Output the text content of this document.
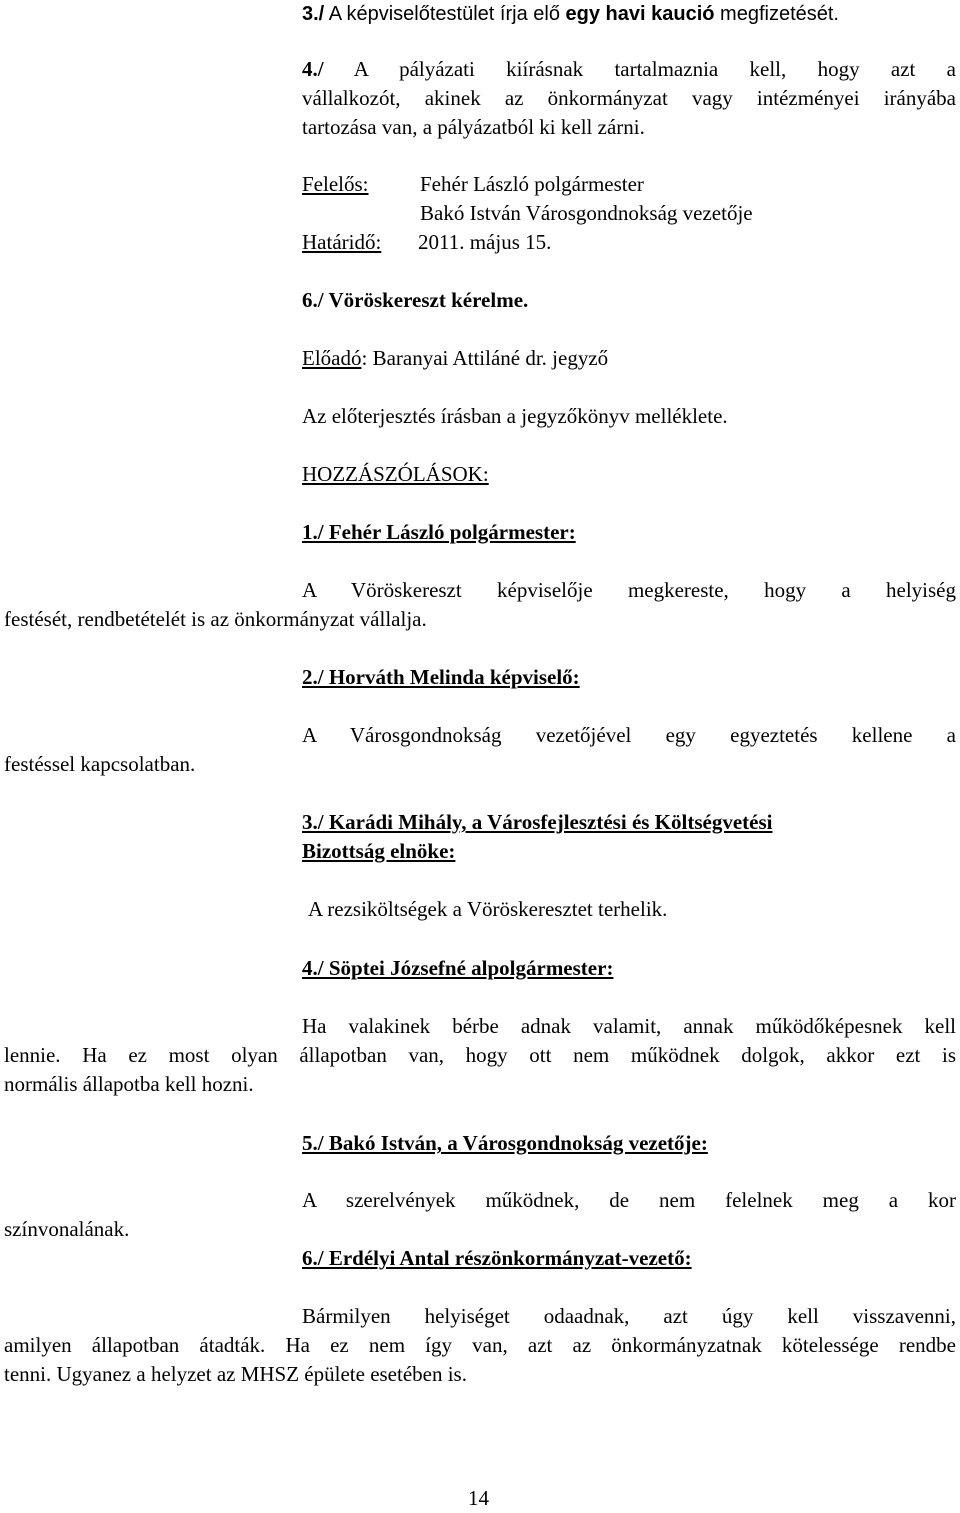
3./ A képviselőtestület írja elő egy havi kaució megfizetését.
4./ A pályázati kiírásnak tartalmaznia kell, hogy azt a
vállalkozót, akinek az önkormányzat vagy intézményei irányába
tartozása van, a pályázatból ki kell zárni.
Felelős: Fehér László polgármester
Bakó István Városgondnokság vezetője
Határidő: 2011. május 15.
6./ Vöröskereszt kérelme.
Előadó: Baranyai Attiláné dr. jegyző
Az előterjesztés írásban a jegyzőkönyv melléklete.
HOZZÁSZÓLÁSOK:
1./ Fehér László polgármester:
A Vöröskereszt képviselője megkereste, hogy a helyiség
festését, rendbetételét is az önkormányzat vállalja.
2./ Horváth Melinda képviselő:
A Városgondnokság vezetőjével egy egyeztetés kellene a
festéssel kapcsolatban.
3./ Karádi Mihály, a Városfejlesztési és Költségvetési
Bizottság elnöke:
A rezsiköltségek a Vöröskeresztet terhelik.
4./ Söptei Józsefné alpolgármester:
Ha valakinek bérbe adnak valamit, annak működőképesnek kell
lennie. Ha ez most olyan állapotban van, hogy ott nem működnek dolgok, akkor ezt is
normális állapotba kell hozni.
5./ Bakó István, a Városgondnokság vezetője:
A szerelvények működnek, de nem felelnek meg a kor
színvonalának.
6./ Erdélyi Antal részönkormányzat-vezető:
Bármilyen helyiséget odaadnak, azt úgy kell visszavenni,
amilyen állapotban átadták. Ha ez nem így van, azt az önkormányzatnak kötelessége rendbe
tenni. Ugyanez a helyzet az MHSZ épülete esetében is.
14
